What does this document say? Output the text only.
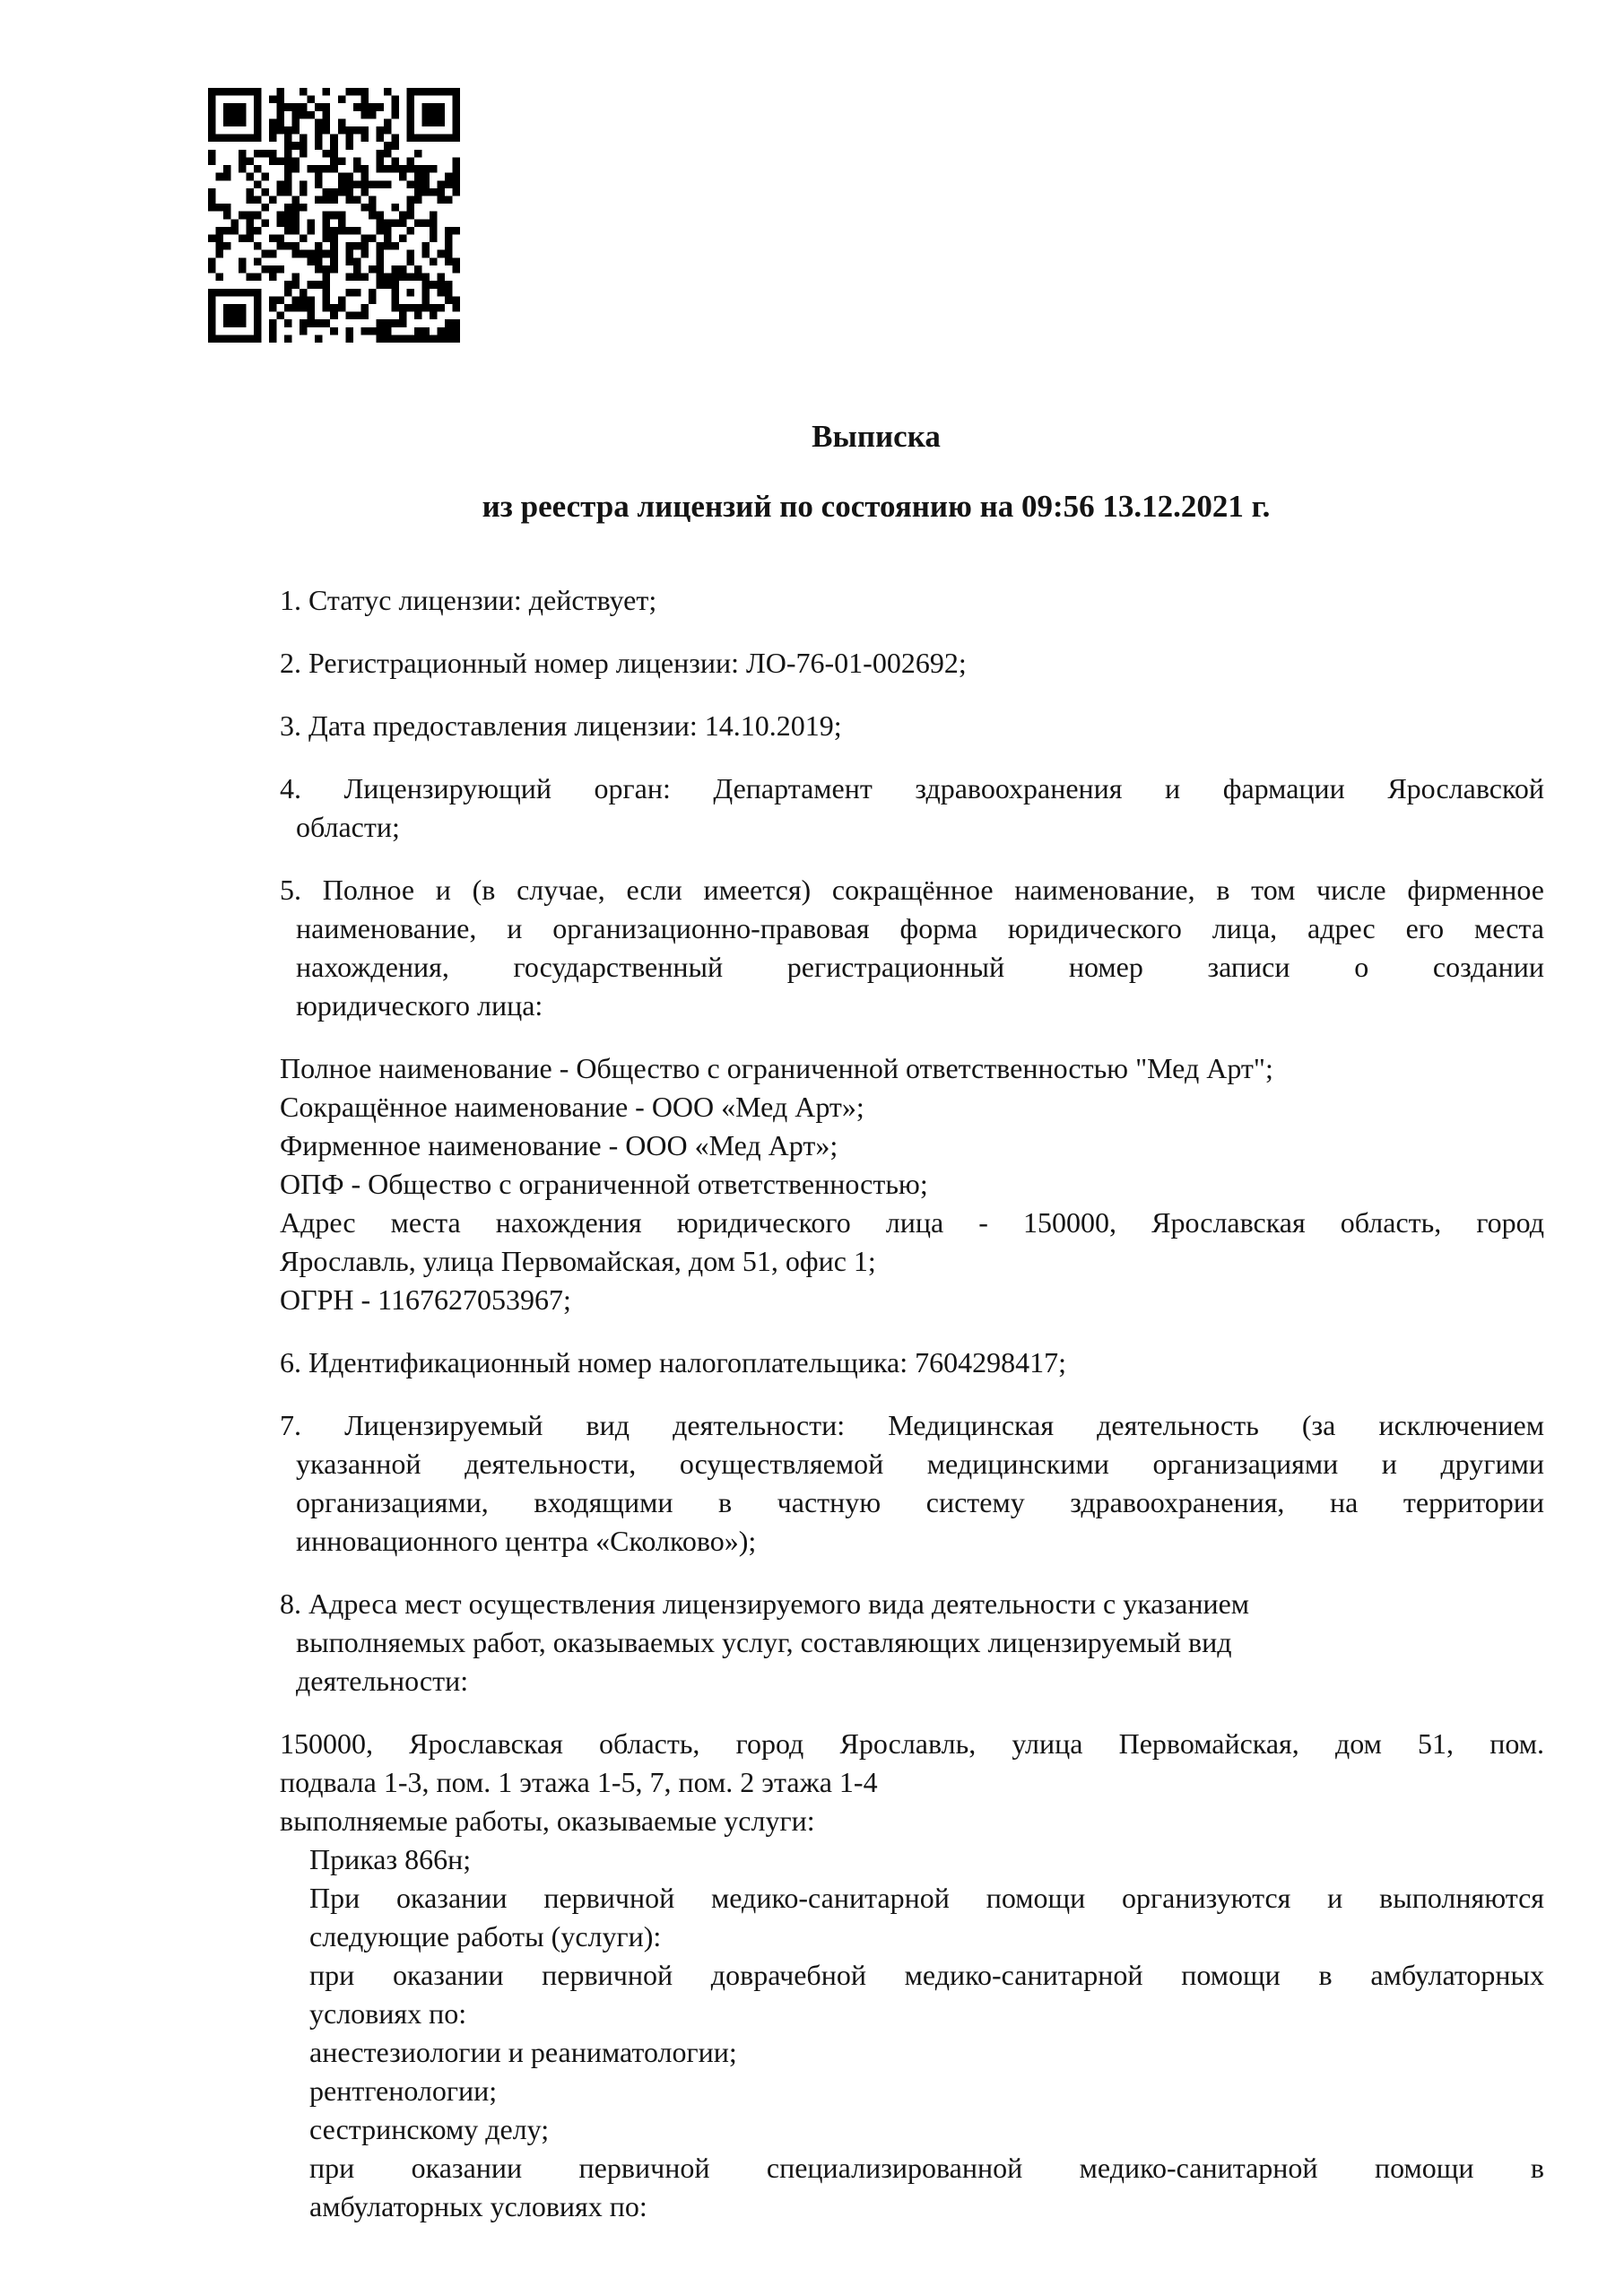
Выписка

из реестра лицензий по состоянию на 09:56 13.12.2021 г.

1. Статус лицензии: действует;

2. Регистрационный номер лицензии: ЛО-76-01-002692;

3. Дата предоставления лицензии: 14.10.2019;

4. Лицензирующий орган: Департамент здравоохранения и фармации Ярославской

области;

5. Полное и (в случае, если имеется) сокращённое наименование, в том числе фирменное

наименование, и организационно-правовая форма юридического лица, адрес его места

нахождения, государственный регистрационный номер записи о создании

юридического лица:

Полное наименование - Общество с ограниченной ответственностью "Мед Арт";

Сокращённое наименование - ООО «Мед Арт»;

Фирменное наименование - ООО «Мед Арт»;

ОПФ - Общество с ограниченной ответственностью;

Адрес места нахождения юридического лица - 150000, Ярославская область, город

Ярославль, улица Первомайская, дом 51, офис 1;

ОГРН - 1167627053967;

6. Идентификационный номер налогоплательщика: 7604298417;

7. Лицензируемый вид деятельности: Медицинская деятельность (за исключением

указанной деятельности, осуществляемой медицинскими организациями и другими

организациями, входящими в частную систему здравоохранения, на территории

инновационного центра «Сколково»);

8. Адреса мест осуществления лицензируемого вида деятельности с указанием

выполняемых работ, оказываемых услуг, составляющих лицензируемый вид

деятельности:

150000, Ярославская область, город Ярославль, улица Первомайская, дом 51, пом.

подвала 1-3, пом. 1 этажа 1-5, 7, пом. 2 этажа 1-4

выполняемые работы, оказываемые услуги:

Приказ 866н;

При оказании первичной медико-санитарной помощи организуются и выполняются

следующие работы (услуги):

при оказании первичной доврачебной медико-санитарной помощи в амбулаторных

условиях по:

анестезиологии и реаниматологии;

рентгенологии;

сестринскому делу;

при оказании первичной специализированной медико-санитарной помощи в

амбулаторных условиях по:
